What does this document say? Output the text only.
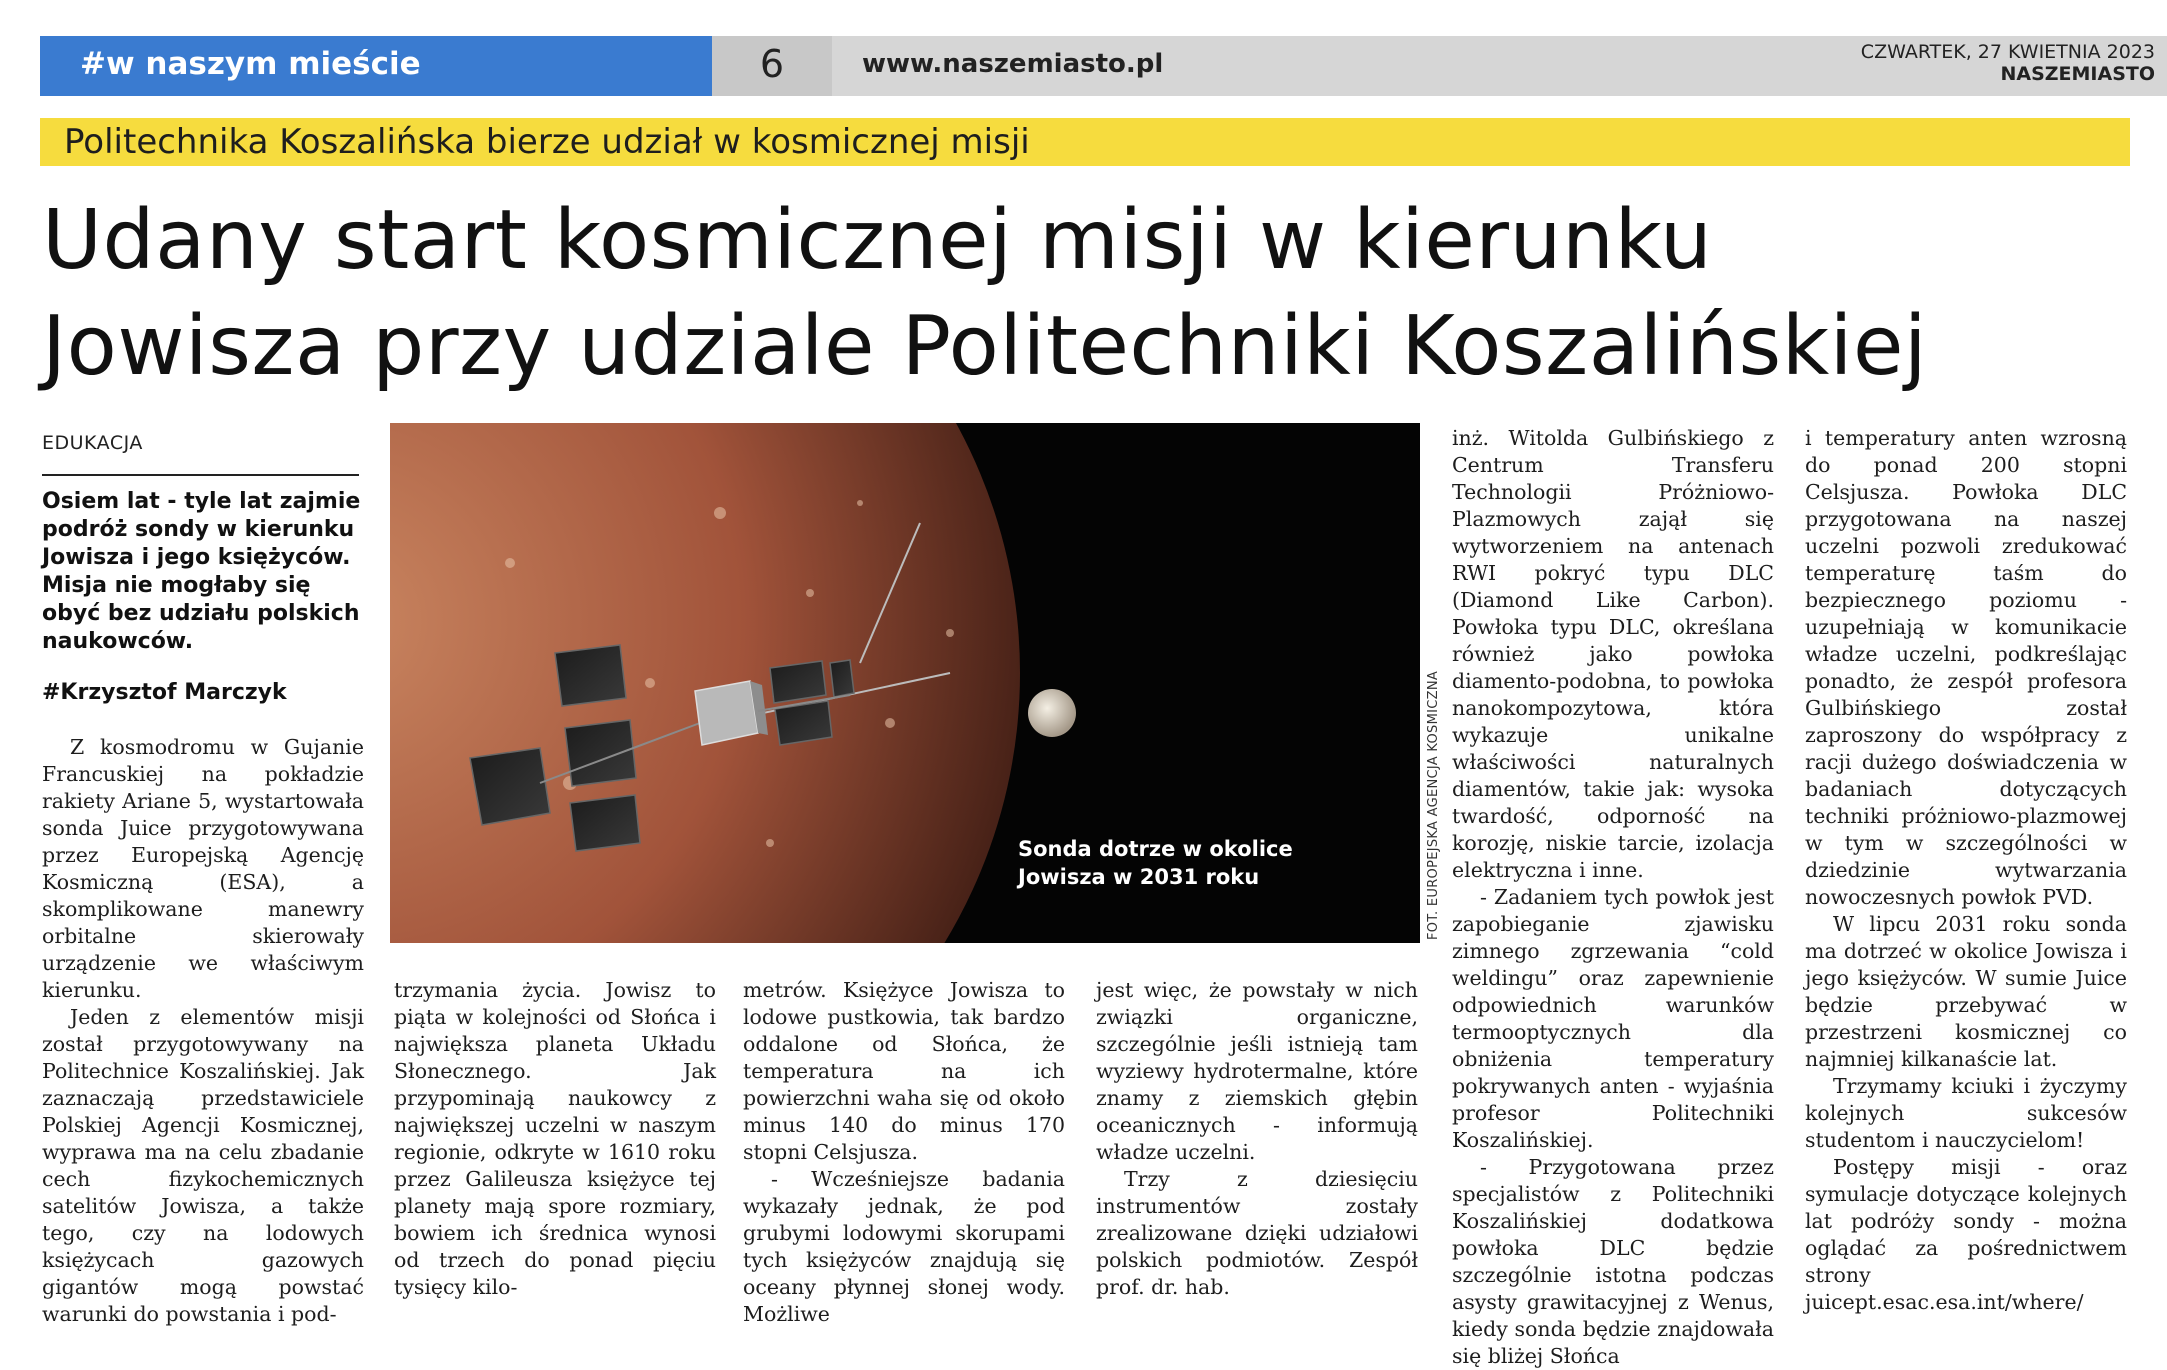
#w naszym mieście	6	www.naszemiasto.pl	CZWARTEK, 27 KWIETNIA 2023
NASZEMIASTO
Politechnika Koszalińska bierze udział w kosmicznej misji
Udany start kosmicznej misji w kierunku
Jowisza przy udziale Politechniki Koszalińskiej
EDUKACJA
Osiem lat - tyle lat zajmie podróż sondy w kierunku Jowisza i jego księżyców. Misja nie mogłaby się obyć bez udziału polskich naukowców.
#Krzysztof Marczyk

Z kosmodromu w Gujanie Francuskiej na pokładzie rakiety Ariane 5, wystartowała sonda Juice przygotowywana przez Europejską Agencję Kosmiczną (ESA), a skomplikowane manewry orbitalne skierowały urządzenie we właściwym kierunku.

Jeden z elementów misji został przygotowywany na Politechnice Koszalińskiej. Jak zaznaczają przedstawiciele Polskiej Agencji Kosmicznej, wyprawa ma na celu zbadanie cech fizykochemicznych satelitów Jowisza, a także tego, czy na lodowych księżycach gazowych gigantów mogą powstać warunki do powstania i pod-

Sonda dotrze w okolice Jowisza w 2031 roku	FOT. EUROPEJSKA AGENCJA KOSMICZNA

trzymania życia. Jowisz to piąta w kolejności od Słońca i największa planeta Układu Słonecznego. Jak przypominają naukowcy z największej uczelni w naszym regionie, odkryte w 1610 roku przez Galileusza księżyce tej planety mają spore rozmiary, bowiem ich średnica wynosi od trzech do ponad pięciu tysięcy kilo-

metrów. Księżyce Jowisza to lodowe pustkowia, tak bardzo oddalone od Słońca, że temperatura na ich powierzchni waha się od około minus 140 do minus 170 stopni Celsjusza.

- Wcześniejsze badania wykazały jednak, że pod grubymi lodowymi skorupami tych księżyców znajdują się oceany płynnej słonej wody. Możliwe

jest więc, że powstały w nich związki organiczne, szczególnie jeśli istnieją tam wyziewy hydrotermalne, które znamy z ziemskich głębin oceanicznych - informują władze uczelni.

Trzy z dziesięciu instrumentów zostały zrealizowane dzięki udziałowi polskich podmiotów. Zespół prof. dr. hab.

inż. Witolda Gulbińskiego z Centrum Transferu Technologii Próżniowo-Plazmowych zajął się wytworzeniem na antenach RWI pokryć typu DLC (Diamond Like Carbon). Powłoka typu DLC, określana również jako powłoka diamento-podobna, to powłoka nanokompozytowa, która wykazuje unikalne właściwości naturalnych diamentów, takie jak: wysoka twardość, odporność na korozję, niskie tarcie, izolacja elektryczna i inne.

- Zadaniem tych powłok jest zapobieganie zjawisku zimnego zgrzewania “cold weldingu” oraz zapewnienie odpowiednich warunków termooptycznych dla obniżenia temperatury pokrywanych anten - wyjaśnia profesor Politechniki Koszalińskiej.

- Przygotowana przez specjalistów z Politechniki Koszalińskiej dodatkowa powłoka DLC będzie szczególnie istotna podczas asysty grawitacyjnej z Wenus, kiedy sonda będzie znajdowała się bliżej Słońca

i temperatury anten wzrosną do ponad 200 stopni Celsjusza. Powłoka DLC przygotowana na naszej uczelni pozwoli zredukować temperaturę taśm do bezpiecznego poziomu - uzupełniają w komunikacie władze uczelni, podkreślając ponadto, że zespół profesora Gulbińskiego został zaproszony do współpracy z racji dużego doświadczenia w badaniach dotyczących techniki próżniowo-plazmowej w tym w szczególności w dziedzinie wytwarzania nowoczesnych powłok PVD.

W lipcu 2031 roku sonda ma dotrzeć w okolice Jowisza i jego księżyców. W sumie Juice będzie przebywać w przestrzeni kosmicznej co najmniej kilkanaście lat.

Trzymamy kciuki i życzymy kolejnych sukcesów studentom i nauczycielom!

Postępy misji - oraz symulacje dotyczące kolejnych lat podróży sondy - można oglądać za pośrednictwem strony juicept.esac.esa.int/where/
